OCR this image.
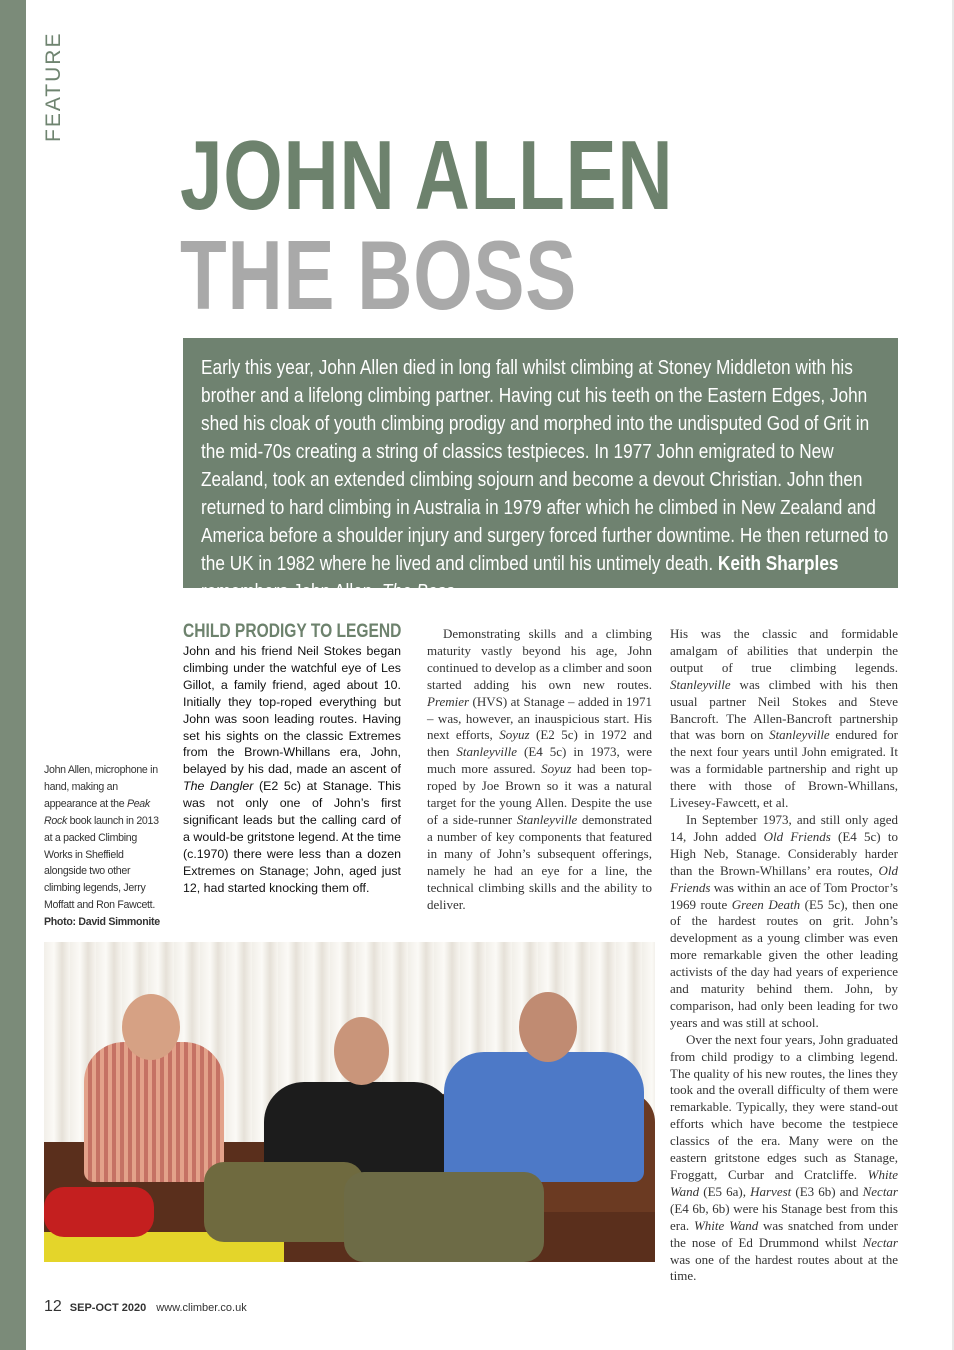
FEATURE
JOHN ALLEN
THE BOSS

Early this year, John Allen died in long fall whilst climbing at Stoney Middleton with his brother and a lifelong climbing partner. Having cut his teeth on the Eastern Edges, John shed his cloak of youth climbing prodigy and morphed into the undisputed God of Grit in the mid-70s creating a string of classics testpieces. In 1977 John emigrated to New Zealand, took an extended climbing sojourn and become a devout Christian. John then returned to hard climbing in Australia in 1979 after which he climbed in New Zealand and America before a shoulder injury and surgery forced further downtime. He then returned to the UK in 1982 where he lived and climbed until his untimely death. Keith Sharples remembers John Allen, The Boss.

CHILD PRODIGY TO LEGEND

John and his friend Neil Stokes began climbing under the watchful eye of Les Gillot, a family friend, aged about 10. Initially they top-roped everything but John was soon leading routes. Having set his sights on the classic Extremes from the Brown-Whillans era, John, belayed by his dad, made an ascent of The Dangler (E2 5c) at Stanage. This was not only one of John’s first significant leads but the calling card of a would-be gritstone legend. At the time (c.1970) there were less than a dozen Extremes on Stanage; John, aged just 12, had started knocking them off.

Demonstrating skills and a climbing maturity vastly beyond his age, John continued to develop as a climber and soon started adding his own new routes. Premier (HVS) at Stanage – added in 1971 – was, however, an inauspicious start. His next efforts, Soyuz (E2 5c) in 1972 and then Stanleyville (E4 5c) in 1973, were much more assured. Soyuz had been top-roped by Joe Brown so it was a natural target for the young Allen. Despite the use of a side-runner Stanleyville demonstrated a number of key components that featured in many of John’s subsequent offerings, namely he had an eye for a line, the technical climbing skills and the ability to deliver.

His was the classic and formidable amalgam of abilities that underpin the output of true climbing legends. Stanleyville was climbed with his then usual partner Neil Stokes and Steve Bancroft. The Allen-Bancroft partnership that was born on Stanleyville endured for the next four years until John emigrated. It was a formidable partnership and right up there with those of Brown-Whillans, Livesey-Fawcett, et al.

In September 1973, and still only aged 14, John added Old Friends (E4 5c) to High Neb, Stanage. Considerably harder than the Brown-Whillans’ era routes, Old Friends was within an ace of Tom Proctor’s 1969 route Green Death (E5 5c), then one of the hardest routes on grit. John’s development as a young climber was even more remarkable given the other leading activists of the day had years of experience and maturity behind them. John, by comparison, had only been leading for two years and was still at school.

Over the next four years, John graduated from child prodigy to a climbing legend. The quality of his new routes, the lines they took and the overall difficulty of them were remarkable. Typically, they were stand-out efforts which have become the testpiece classics of the era. Many were on the eastern gritstone edges such as Stanage, Froggatt, Curbar and Cratcliffe. White Wand (E5 6a), Harvest (E3 6b) and Nectar (E4 6b, 6b) were his Stanage best from this era. White Wand was snatched from under the nose of Ed Drummond whilst Nectar was one of the hardest routes about at the time.

John Allen, microphone in hand, making an appearance at the Peak Rock book launch in 2013 at a packed Climbing Works in Sheffield alongside two other climbing legends, Jerry Moffatt and Ron Fawcett. Photo: David Simmonite
12 SEP-OCT 2020 www.climber.co.uk
